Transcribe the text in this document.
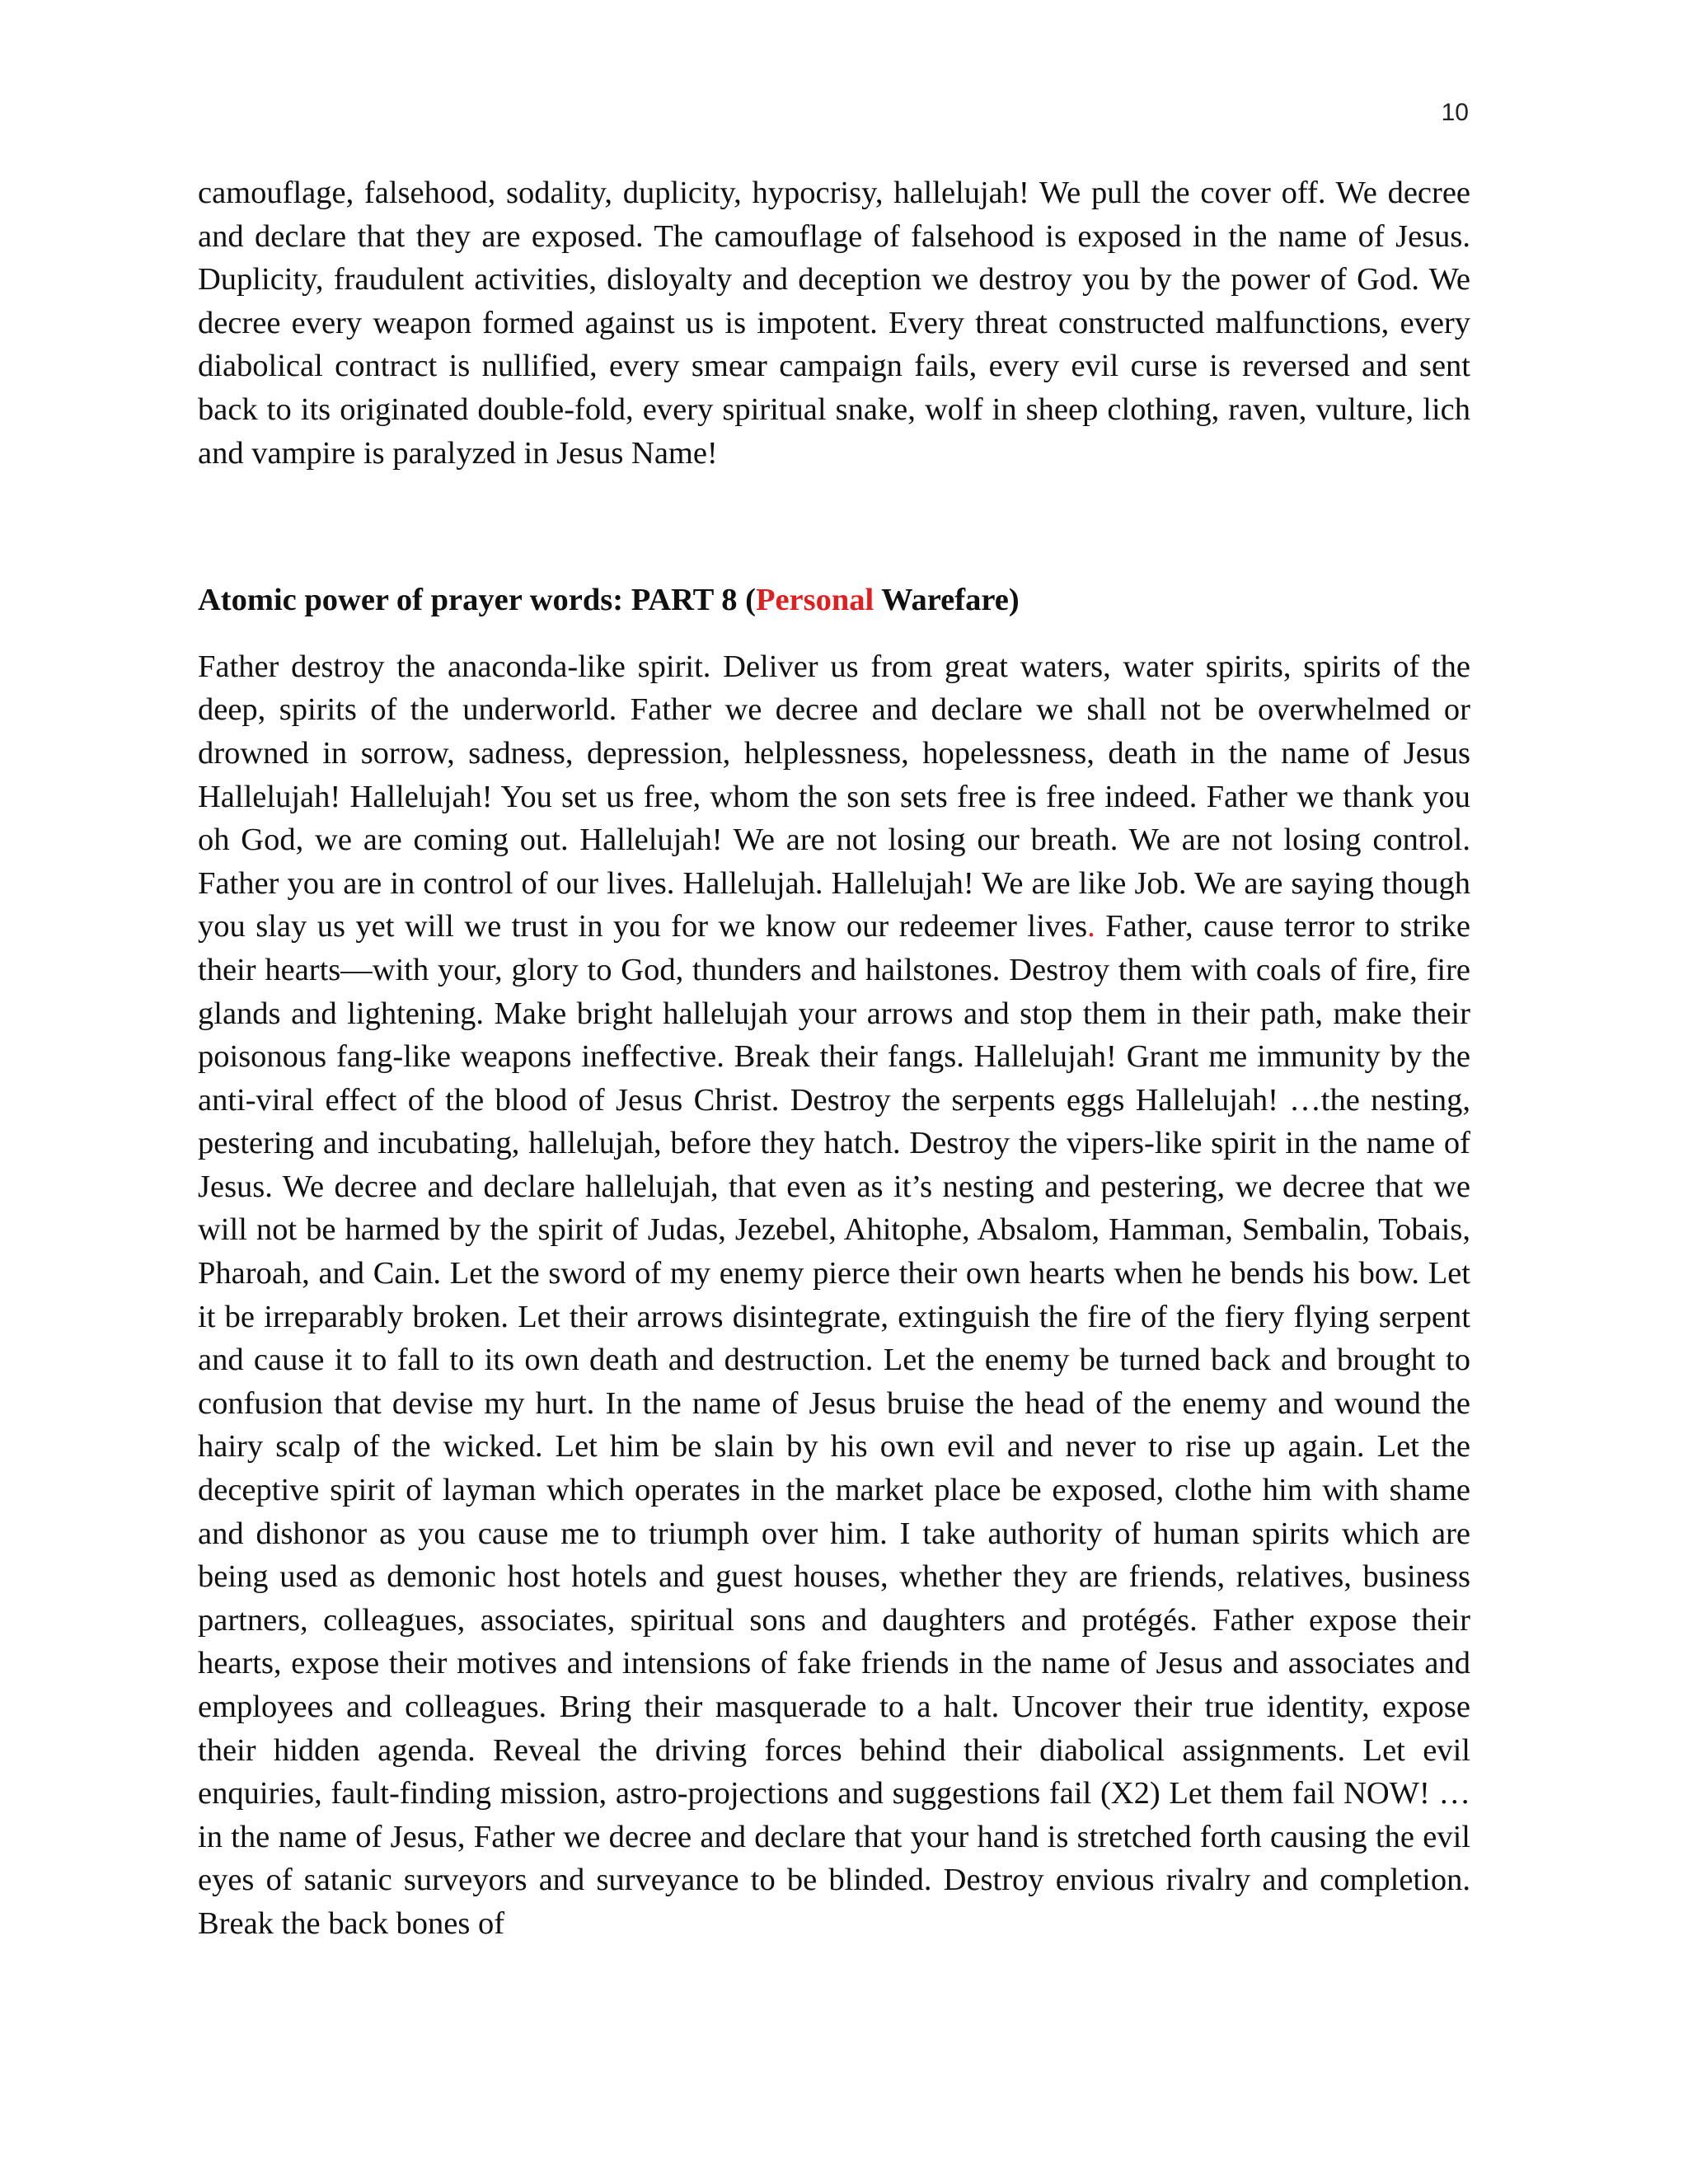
10

camouflage, falsehood, sodality, duplicity, hypocrisy, hallelujah! We pull the cover off. We decree and declare that they are exposed. The camouflage of falsehood is exposed in the name of Jesus. Duplicity, fraudulent activities, disloyalty and deception we destroy you by the power of God. We decree every weapon formed against us is impotent. Every threat constructed malfunctions, every diabolical contract is nullified, every smear campaign fails, every evil curse is reversed and sent back to its originated double-fold, every spiritual snake, wolf in sheep clothing, raven, vulture, lich and vampire is paralyzed in Jesus Name!

Atomic power of prayer words: PART 8 (Personal Warefare)

Father destroy the anaconda-like spirit. Deliver us from great waters, water spirits, spirits of the deep, spirits of the underworld. Father we decree and declare we shall not be overwhelmed or drowned in sorrow, sadness, depression, helplessness, hopelessness, death in the name of Jesus Hallelujah! Hallelujah! You set us free, whom the son sets free is free indeed. Father we thank you oh God, we are coming out. Hallelujah! We are not losing our breath. We are not losing control. Father you are in control of our lives. Hallelujah. Hallelujah! We are like Job. We are saying though you slay us yet will we trust in you for we know our redeemer lives. Father, cause terror to strike their hearts—with your, glory to God, thunders and hailstones. Destroy them with coals of fire, fire glands and lightening. Make bright hallelujah your arrows and stop them in their path, make their poisonous fang-like weapons ineffective. Break their fangs. Hallelujah! Grant me immunity by the anti-viral effect of the blood of Jesus Christ. Destroy the serpents eggs Hallelujah! …the nesting, pestering and incubating, hallelujah, before they hatch. Destroy the vipers-like spirit in the name of Jesus. We decree and declare hallelujah, that even as it’s nesting and pestering, we decree that we will not be harmed by the spirit of Judas, Jezebel, Ahitophe, Absalom, Hamman, Sembalin, Tobais, Pharoah, and Cain. Let the sword of my enemy pierce their own hearts when he bends his bow. Let it be irreparably broken. Let their arrows disintegrate, extinguish the fire of the fiery flying serpent and cause it to fall to its own death and destruction. Let the enemy be turned back and brought to confusion that devise my hurt. In the name of Jesus bruise the head of the enemy and wound the hairy scalp of the wicked. Let him be slain by his own evil and never to rise up again. Let the deceptive spirit of layman which operates in the market place be exposed, clothe him with shame and dishonor as you cause me to triumph over him. I take authority of human spirits which are being used as demonic host hotels and guest houses, whether they are friends, relatives, business partners, colleagues, associates, spiritual sons and daughters and protégés. Father expose their hearts, expose their motives and intensions of fake friends in the name of Jesus and associates and employees and colleagues. Bring their masquerade to a halt. Uncover their true identity, expose their hidden agenda. Reveal the driving forces behind their diabolical assignments. Let evil enquiries, fault-finding mission, astro-projections and suggestions fail (X2) Let them fail NOW! …in the name of Jesus, Father we decree and declare that your hand is stretched forth causing the evil eyes of satanic surveyors and surveyance to be blinded. Destroy envious rivalry and completion. Break the back bones of
